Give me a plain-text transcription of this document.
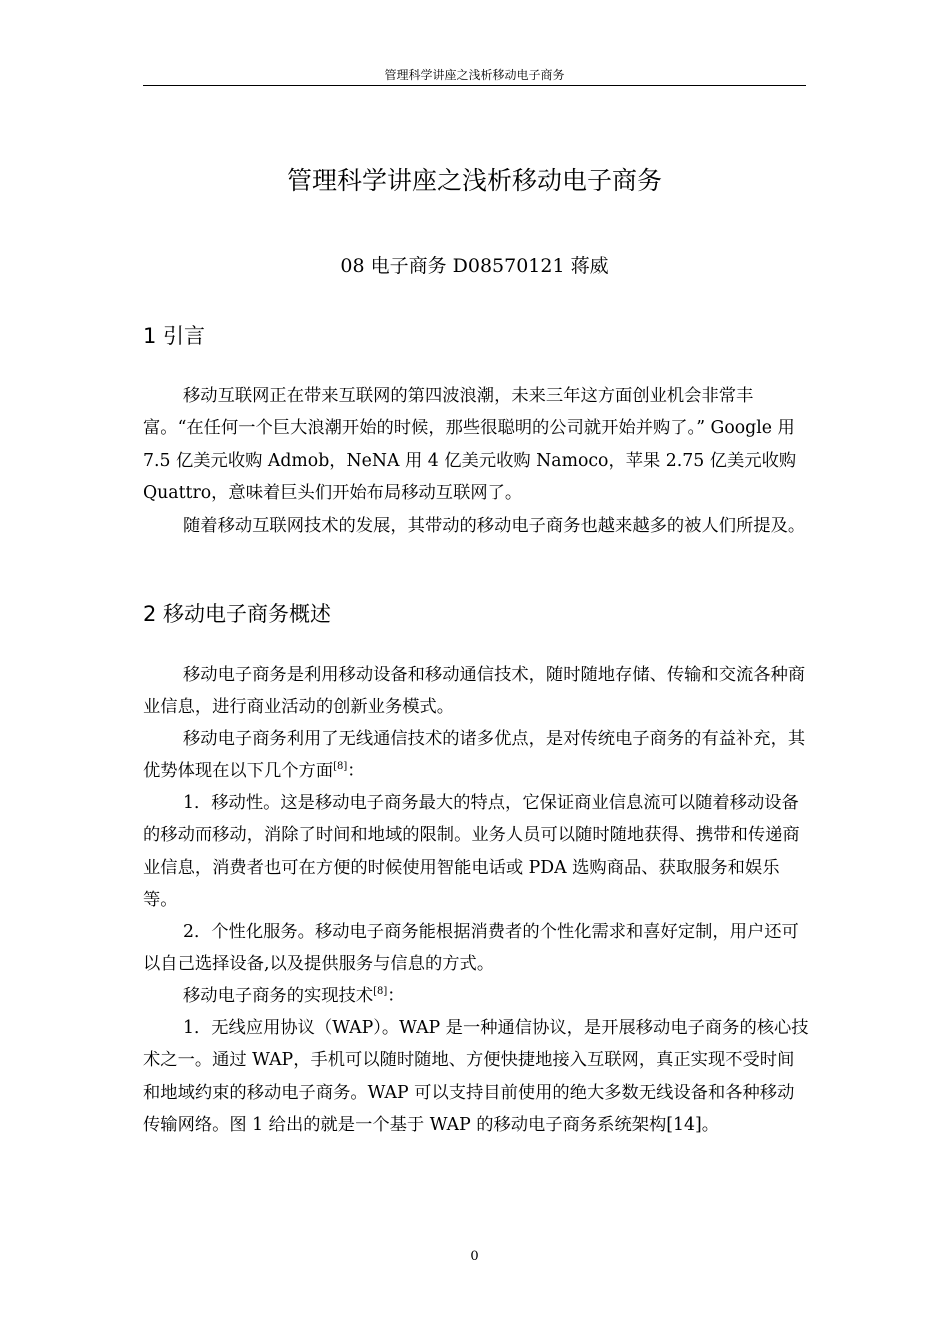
管理科学讲座之浅析移动电子商务
管理科学讲座之浅析移动电子商务
08 电子商务 D08570121 蒋威
1 引言

移动互联网正在带来互联网的第四波浪潮，未来三年这方面创业机会非常丰富。“在任何一个巨大浪潮开始的时候，那些很聪明的公司就开始并购了。” Google 用 7.5 亿美元收购 Admob，NeNA 用 4 亿美元收购 Namoco，苹果 2.75 亿美元收购 Quattro，意味着巨头们开始布局移动互联网了。

随着移动互联网技术的发展，其带动的移动电子商务也越来越多的被人们所提及。

2 移动电子商务概述

移动电子商务是利用移动设备和移动通信技术，随时随地存储、传输和交流各种商业信息，进行商业活动的创新业务模式。

移动电子商务利用了无线通信技术的诸多优点，是对传统电子商务的有益补充，其优势体现在以下几个方面[8]：

1．移动性。这是移动电子商务最大的特点，它保证商业信息流可以随着移动设备的移动而移动，消除了时间和地域的限制。业务人员可以随时随地获得、携带和传递商业信息，消费者也可在方便的时候使用智能电话或 PDA 选购商品、获取服务和娱乐等。

2．个性化服务。移动电子商务能根据消费者的个性化需求和喜好定制，用户还可以自己选择设备,以及提供服务与信息的方式。

移动电子商务的实现技术[8]：

1．无线应用协议（WAP）。WAP 是一种通信协议，是开展移动电子商务的核心技术之一。通过 WAP，手机可以随时随地、方便快捷地接入互联网，真正实现不受时间和地域约束的移动电子商务。WAP 可以支持目前使用的绝大多数无线设备和各种移动传输网络。图 1 给出的就是一个基于 WAP 的移动电子商务系统架构[14]。

0
